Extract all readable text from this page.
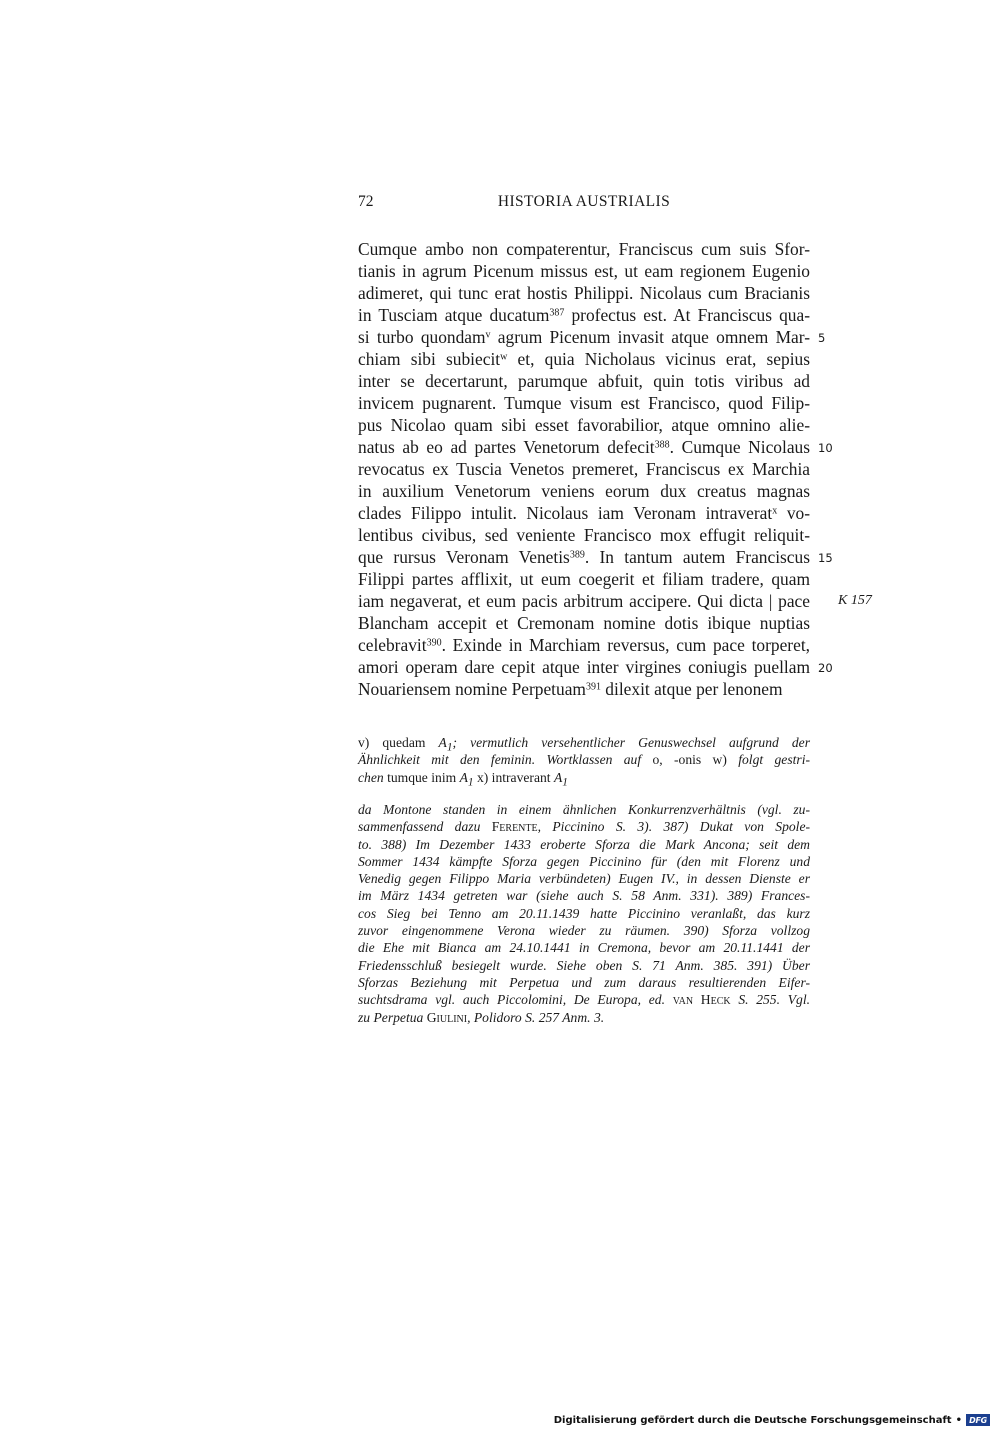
72	HISTORIA AUSTRIALIS
Cumque ambo non compaterentur, Franciscus cum suis Sfor-
tianis in agrum Picenum missus est, ut eam regionem Eugenio
adimeret, qui tunc erat hostis Philippi. Nicolaus cum Bracianis
in Tusciam atque ducatum$^{387}$ profectus est. At Franciscus qua-
si turbo quondam$^v$ agrum Picenum invasit atque omnem Mar-
chiam sibi subiecit$^w$ et, quia Nicholaus vicinus erat, sepius
inter se decertarunt, parumque abfuit, quin totis viribus ad
invicem pugnarent. Tumque visum est Francisco, quod Filip-
pus Nicolao quam sibi esset favorabilior, atque omnino alie-
natus ab eo ad partes Venetorum defecit$^{388}$. Cumque Nicolaus
revocatus ex Tuscia Venetos premeret, Franciscus ex Marchia
in auxilium Venetorum veniens eorum dux creatus magnas
clades Filippo intulit. Nicolaus iam Veronam intraverat$^x$ vo-
lentibus civibus, sed veniente Francisco mox effugit reliquit-
que rursus Veronam Venetis$^{389}$. In tantum autem Franciscus
Filippi partes afflixit, ut eum coegerit et filiam tradere, quam
iam negaverat, et eum pacis arbitrum accipere. Qui dicta | pace
Blancham accepit et Cremonam nomine dotis ibique nuptias
celebravit$^{390}$. Exinde in Marchiam reversus, cum pace torperet,
amori operam dare cepit atque inter virgines coniugis puellam
Nouariensem nomine Perpetuam$^{391}$ dilexit atque per lenonem
5
10
15
20
K 157
v) quedam $A_1$; vermutlich versehentlicher Genuswechsel aufgrund der
Ähnlichkeit mit den feminin. Wortklassen auf o, -onis w) folgt gestri-
chen tumque inim $A_1$ x) intraverant $A_1$
da Montone standen in einem ähnlichen Konkurrenzverhältnis (vgl. zu-
sammenfassend dazu Ferente, Piccinino S. 3). 387) Dukat von Spole-
to. 388) Im Dezember 1433 eroberte Sforza die Mark Ancona; seit dem
Sommer 1434 kämpfte Sforza gegen Piccinino für (den mit Florenz und
Venedig gegen Filippo Maria verbündeten) Eugen IV., in dessen Dienste er
im März 1434 getreten war (siehe auch S. 58 Anm. 331). 389) Frances-
cos Sieg bei Tenno am 20.11.1439 hatte Piccinino veranlaßt, das kurz
zuvor eingenommene Verona wieder zu räumen. 390) Sforza vollzog
die Ehe mit Bianca am 24.10.1441 in Cremona, bevor am 20.11.1441 der
Friedensschluß besiegelt wurde. Siehe oben S. 71 Anm. 385. 391) Über
Sforzas Beziehung mit Perpetua und zum daraus resultierenden Eifer-
suchtsdrama vgl. auch Piccolomini, De Europa, ed. van Heck S. 255. Vgl.
zu Perpetua Giulini, Polidoro S. 257 Anm. 3.
Digitalisierung gefördert durch die Deutsche Forschungsgemeinschaft • DFG
